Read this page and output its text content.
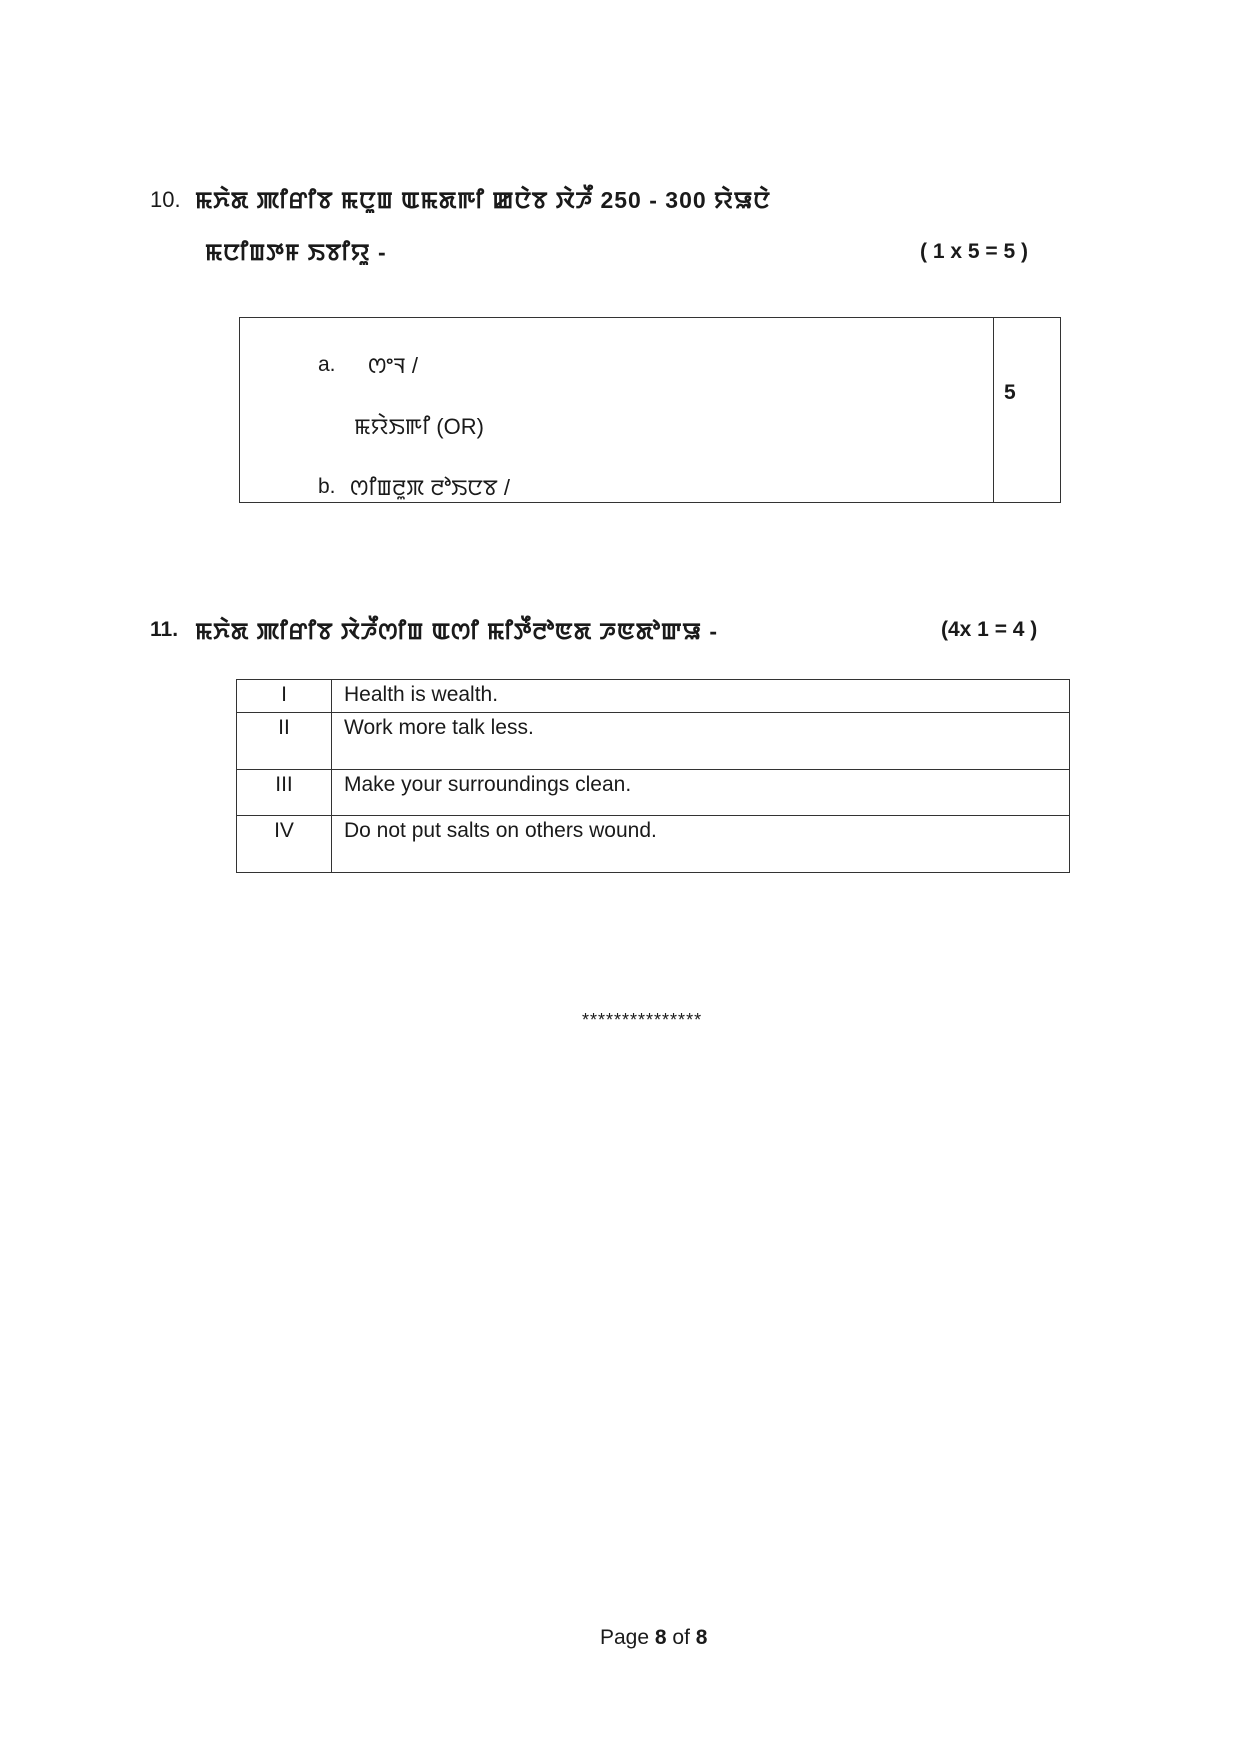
10. ꯃꯈꯥꯗ ꯄꯤꯔꯤꯕ ꯃꯅꯨꯡ ꯑꯃꯗꯒꯤ ꯀꯅꯥꯕ ꯋꯥꯍꯩ 250 - 300 ꯌꯥꯎꯅꯥ
ꯃꯅꯤꯡꯇꯝ ꯏꯕꯤꯌꯨ -	( 1 x 5 = 5 )
5
a. ꯁꯦꯜ /
ꯃꯌꯥꯏꯒꯤ (OR)
b. ꯁꯤꯡꯂꯨꯞ ꯂꯣꯏꯅꯕ /
11. ꯃꯈꯥꯗ ꯄꯤꯔꯤꯕ ꯋꯥꯍꯩꯁꯤꯡ ꯑꯁꯤ ꯃꯤꯇꯩꯂꯣꯟꯗ ꯍꯟꯗꯣꯛꯎ -	(4x 1 = 4 )
I	Health is wealth.
II	Work more talk less.
III	Make your surroundings clean.
IV	Do not put salts on others wound.
***************
Page 8 of 8
